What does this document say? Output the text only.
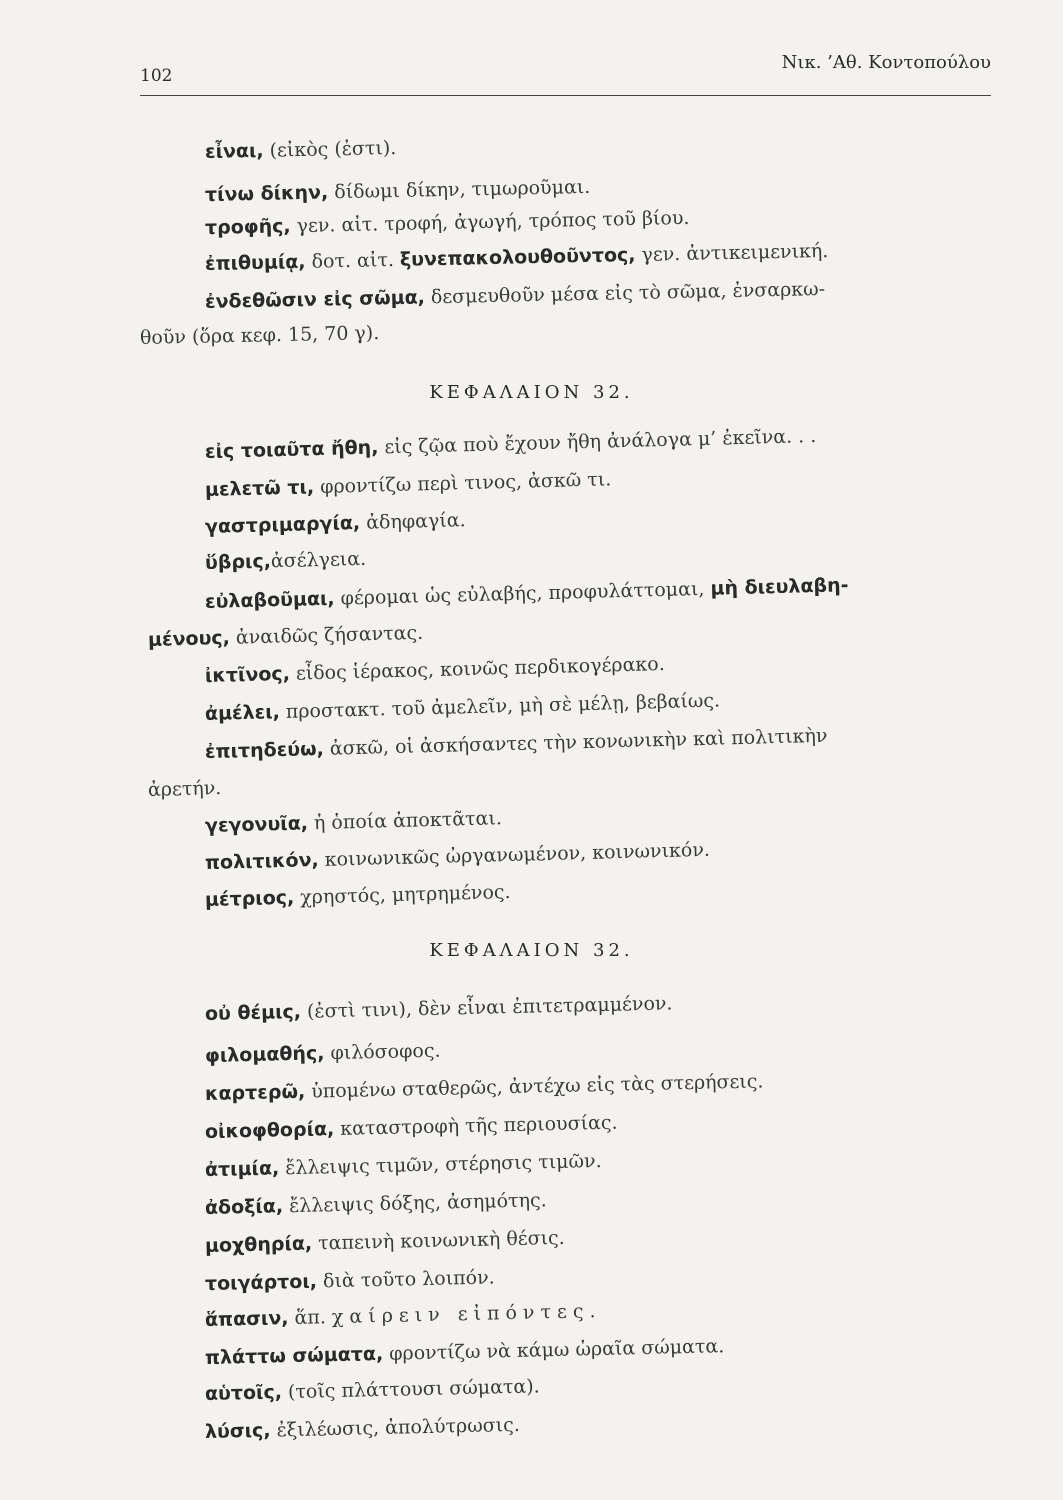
102
Νικ. ’Αθ. Κοντοπούλου
εἶναι, (εἰκὸς (ἐστι).
τίνω δίκην, δίδωμι δίκην, τιμωροῦμαι.
τροφῆς, γεν. αἰτ. τροφή, ἀγωγή, τρόπος τοῦ βίου.
ἐπιθυμίᾳ, δοτ. αἰτ. ξυνεπακολουθοῦντος, γεν. ἀντικειμενική.
ἐνδεθῶσιν εἰς σῶμα, δεσμευθοῦν μέσα εἰς τὸ σῶμα, ἐνσαρκω-
θοῦν (ὅρα κεφ. 15, 70 γ).
ΚΕΦΑΛΑΙΟΝ 32.
εἰς τοιαῦτα ἤθη, εἰς ζῷα ποὺ ἔχουν ἤθη ἀνάλογα μ’ ἐκεῖνα. . .
μελετῶ τι, φροντίζω περὶ τινος, ἀσκῶ τι.
γαστριμαργία, ἀδηφαγία.
ὕβρις,ἀσέλγεια.
εὐλαβοῦμαι, φέρομαι ὡς εὐλαβής, προφυλάττομαι, μὴ διευλαβη-
μένους, ἀναιδῶς ζήσαντας.
ἰκτῖνος, εἶδος ἱέρακος, κοινῶς περδικογέρακο.
ἀμέλει, προστακτ. τοῦ ἀμελεῖν, μὴ σὲ μέλῃ, βεβαίως.
ἐπιτηδεύω, ἀσκῶ, οἱ ἀσκήσαντες τὴν κονωνικὴν καὶ πολιτικὴν
ἀρετήν.
γεγονυῖα, ἡ ὁποία ἀποκτᾶται.
πολιτικόν, κοινωνικῶς ὠργανωμένον, κοινωνικόν.
μέτριος, χρηστός, μητρημένος.
ΚΕΦΑΛΑΙΟΝ 32.
οὐ θέμις, (ἐστὶ τινι), δὲν εἶναι ἐπιτετραμμένον.
φιλομαθής, φιλόσοφος.
καρτερῶ, ὑπομένω σταθερῶς, ἀντέχω εἰς τὰς στερήσεις.
οἰκοφθορία, καταστροφὴ τῆς περιουσίας.
ἀτιμία, ἔλλειψις τιμῶν, στέρησις τιμῶν.
ἀδοξία, ἔλλειψις δόξης, ἀσημότης.
μοχθηρία, ταπεινὴ κοινωνικὴ θέσις.
τοιγάρτοι, διὰ τοῦτο λοιπόν.
ἅπασιν, ἅπ. χαίρειν εἰπόντες.
πλάττω σώματα, φροντίζω νὰ κάμω ὡραῖα σώματα.
αὑτοῖς, (τοῖς πλάττουσι σώματα).
λύσις, ἐξιλέωσις, ἀπολύτρωσις.
